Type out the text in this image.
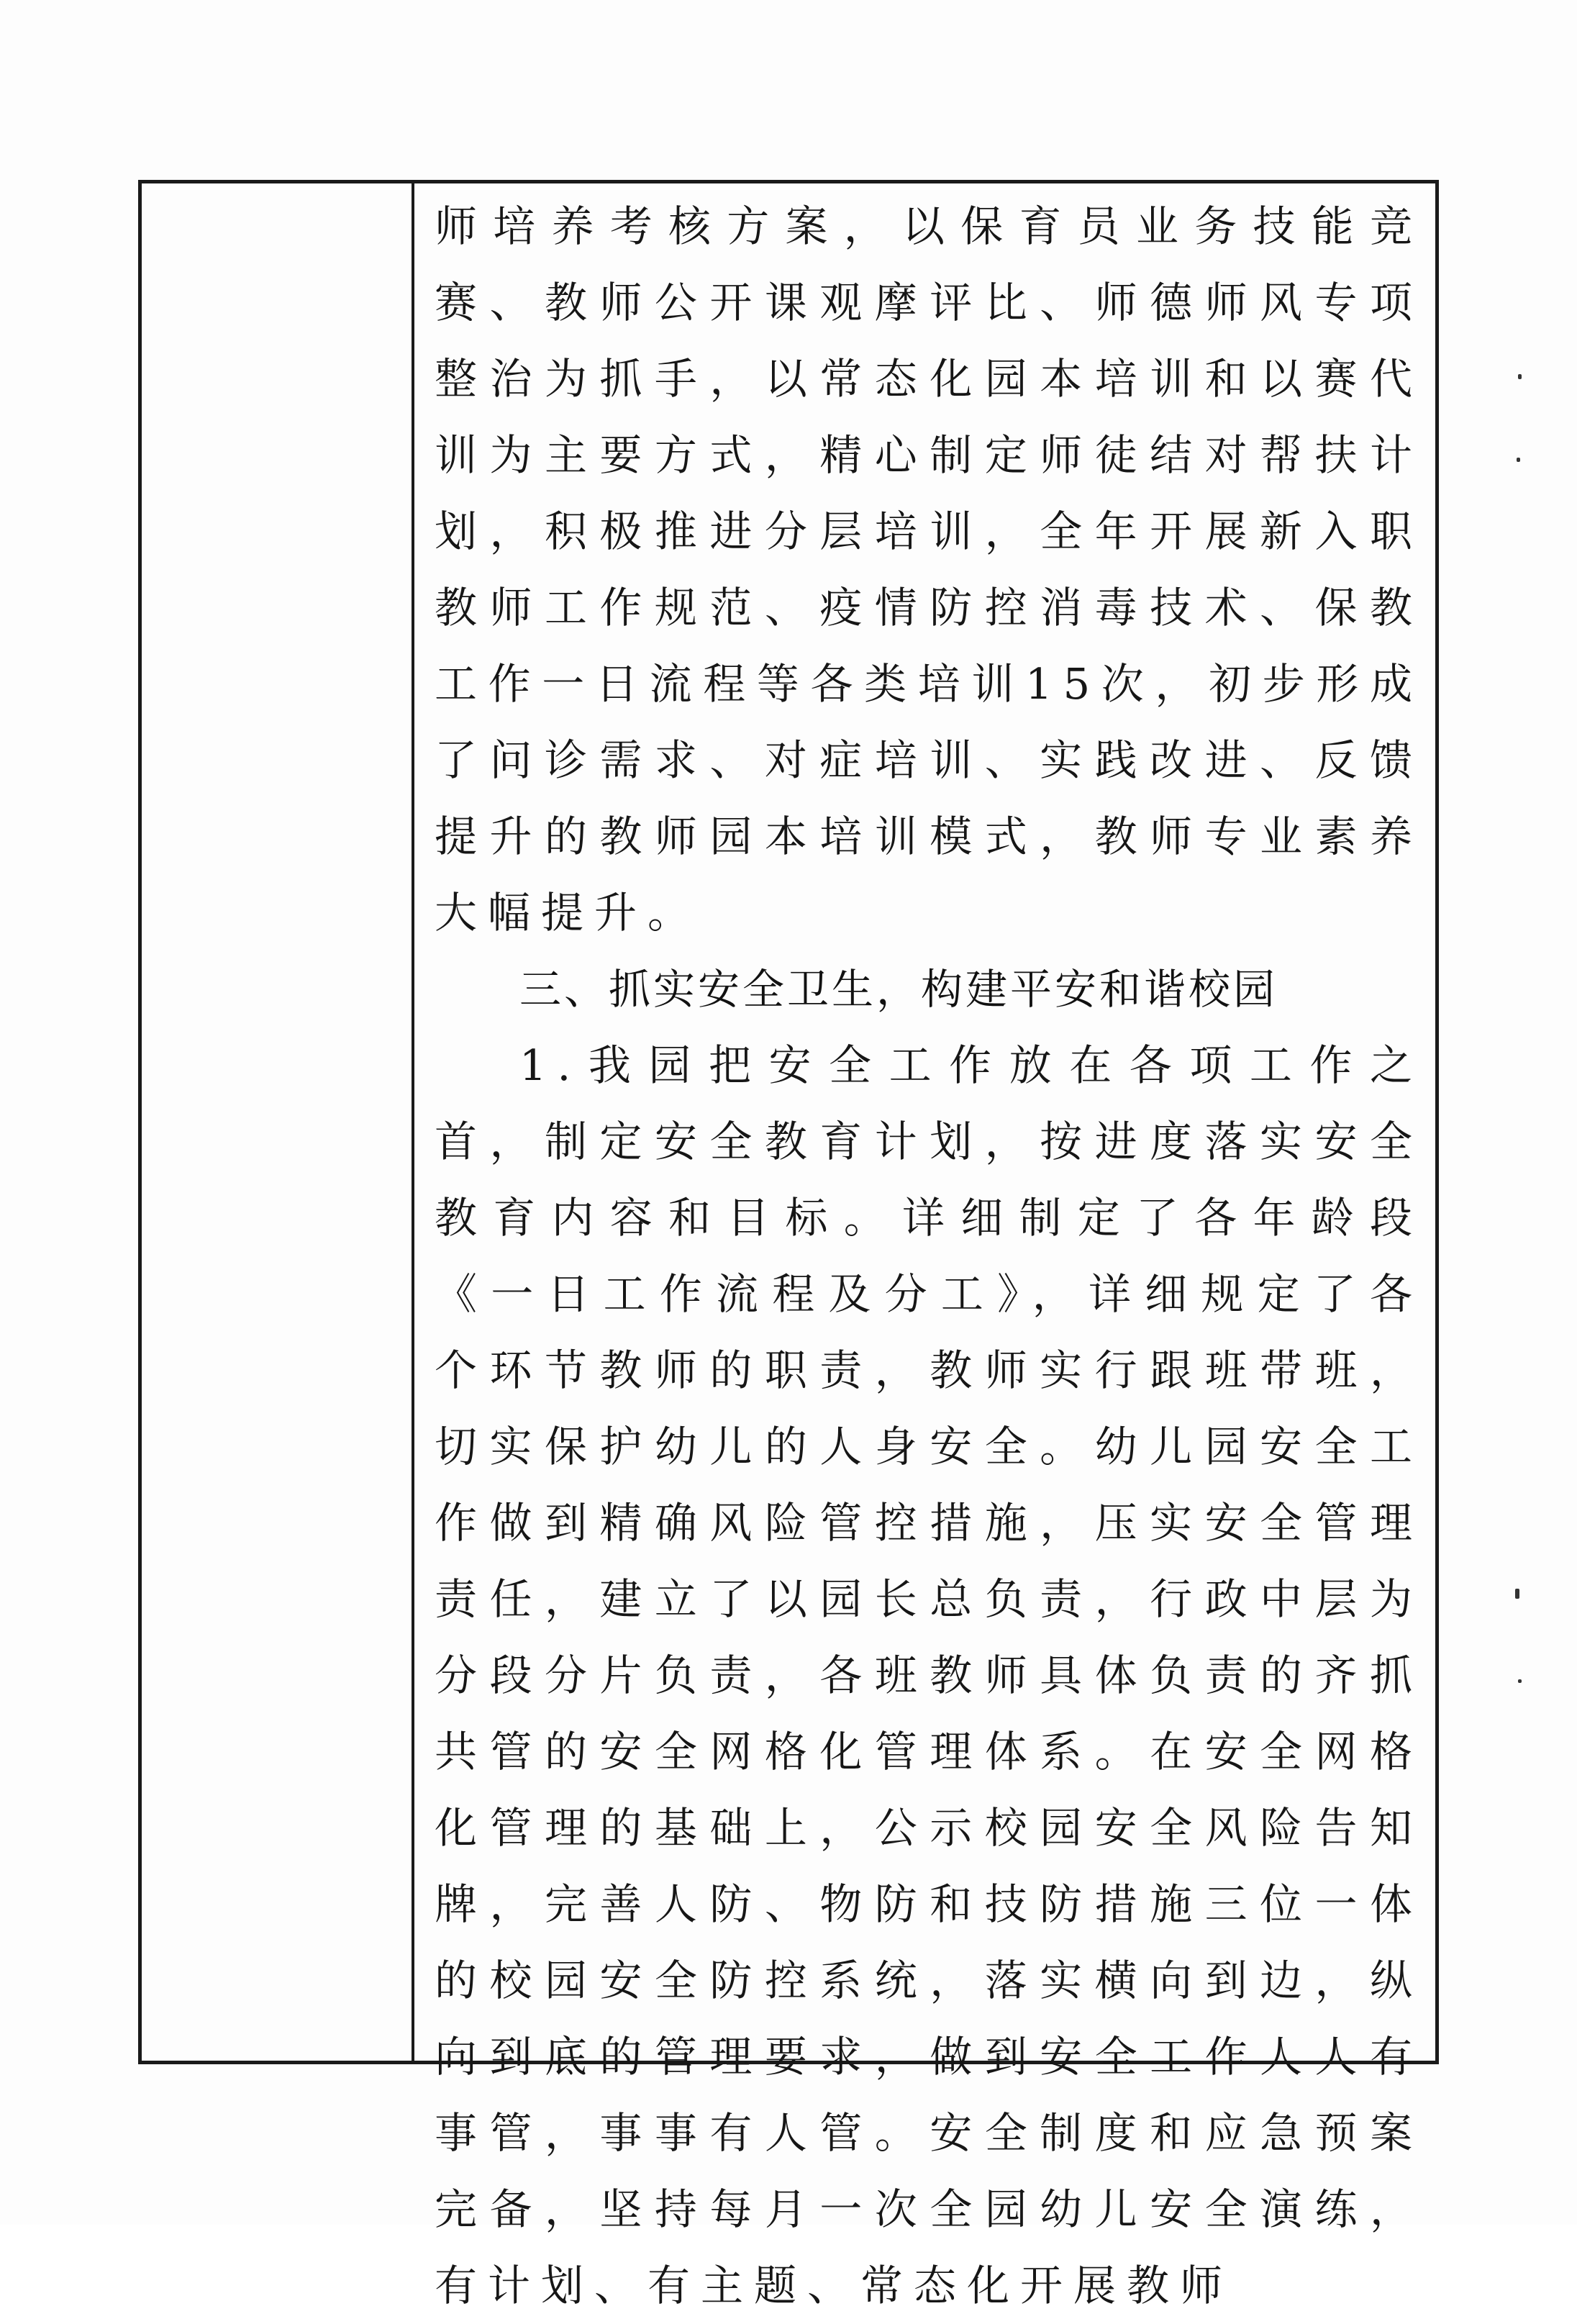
师培养考核方案，以保育员业务技能竞赛、教师公开课观摩评比、师德师风专项整治为抓手，以常态化园本培训和以赛代训为主要方式，精心制定师徒结对帮扶计划，积极推进分层培训，全年开展新入职教师工作规范、疫情防控消毒技术、保教工作一日流程等各类培训15次，初步形成了问诊需求、对症培训、实践改进、反馈提升的教师园本培训模式，教师专业素养大幅提升。

三、抓实安全卫生，构建平安和谐校园

1.我园把安全工作放在各项工作之首，制定安全教育计划，按进度落实安全教育内容和目标。详细制定了各年龄段《一日工作流程及分工》，详细规定了各个环节教师的职责，教师实行跟班带班，切实保护幼儿的人身安全。幼儿园安全工作做到精确风险管控措施，压实安全管理责任，建立了以园长总负责，行政中层为分段分片负责，各班教师具体负责的齐抓共管的安全网格化管理体系。在安全网格化管理的基础上，公示校园安全风险告知牌，完善人防、物防和技防措施三位一体的校园安全防控系统，落实横向到边，纵向到底的管理要求，做到安全工作人人有事管，事事有人管。安全制度和应急预案完备，坚持每月一次全园幼儿安全演练，有计划、有主题、常态化开展教师
